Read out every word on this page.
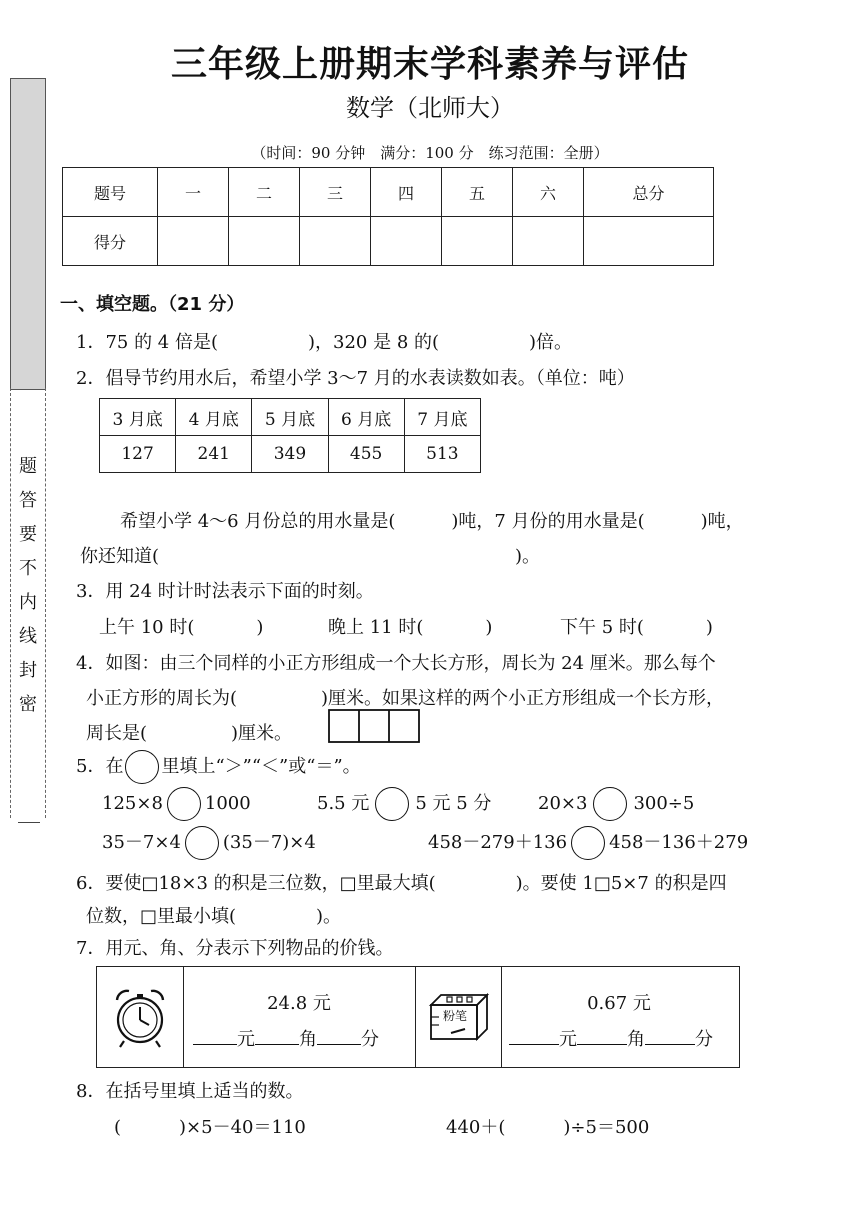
题
答
要
不
内
线
封
密
三年级上册期末学科素养与评估
数学（北师大）
（时间：90 分钟　满分：100 分　练习范围：全册）
题号	一	二	三	四	五	六	总分
得分							
一、填空题。（21 分）
1．75 的 4 倍是(	)，320 是 8 的(	)倍。
2．倡导节约用水后，希望小学 3～7 月的水表读数如表。（单位：吨）
3 月底	4 月底	5 月底	6 月底	7 月底
127	241	349	455	513
希望小学 4～6 月份总的用水量是(	)吨，7 月份的用水量是(	)吨，
你还知道(	)。
3．用 24 时计时法表示下面的时刻。
上午 10 时(	)	晚上 11 时(	)	下午 5 时(	)
4．如图：由三个同样的小正方形组成一个大长方形，周长为 24 厘米。那么每个
小正方形的周长为(	)厘米。如果这样的两个小正方形组成一个长方形，
周长是(	)厘米。
5．在 里填上“＞”“＜”或“＝”。
125×8 1000	5.5 元	5 元 5 分	20×3	300÷5
35－7×4 (35－7)×4	458－279＋136 458－136＋279
6．要使□18×3 的积是三位数，□里最大填(	)。要使 1□5×7 的积是四
位数，□里最小填(	)。
7．用元、角、分表示下列物品的价钱。
24.8 元
元 角 分
粉笔
0.67 元
元	角	分
8．在括号里填上适当的数。
(	)×5－40＝110	440＋(	)÷5＝500
